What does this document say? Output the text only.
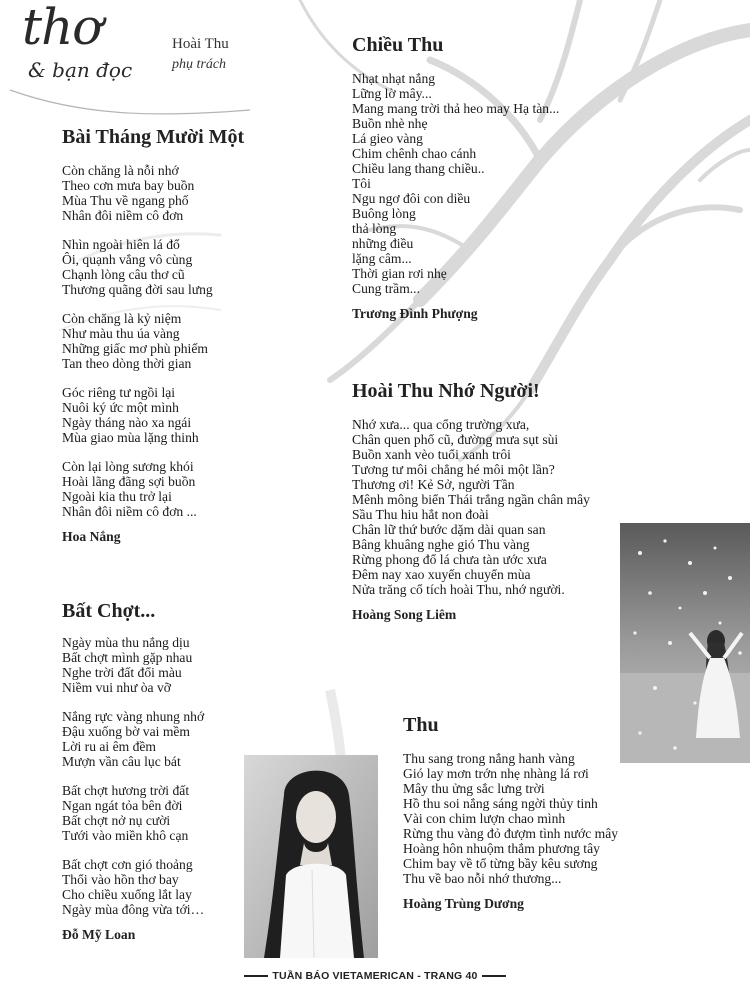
thơ
& bạn đọc
Hoài Thu
phụ trách
Bài Tháng Mười Một
Còn chăng là nỗi nhớ
Theo cơn mưa bay buồn
Mùa Thu về ngang phố
Nhân đôi niềm cô đơn
Nhìn ngoài hiên lá đổ
Ôi, quạnh vắng vô cùng
Chạnh lòng câu thơ cũ
Thương quãng đời sau lưng
Còn chăng là kỷ niệm
Như màu thu úa vàng
Những giấc mơ phù phiếm
Tan theo dòng thời gian
Góc riêng tư ngồi lại
Nuôi ký ức một mình
Ngày tháng nào xa ngái
Mùa giao mùa lặng thinh
Còn lại lòng sương khói
Hoài lãng đãng sợi buồn
Ngoài kia thu trở lại
Nhân đôi niềm cô đơn ...
Hoa Nắng
Bất Chợt...
Ngày mùa thu nắng dịu
Bất chợt mình gặp nhau
Nghe trời đất đổi màu
Niềm vui như òa vỡ
Nắng rực vàng nhung nhớ
Đậu xuống bờ vai mềm
Lời ru ai êm đềm
Mượn vần câu lục bát
Bất chợt hương trời đất
Ngan ngát tỏa bên đời
Bất chợt nở nụ cười
Tưới vào miền khô cạn
Bất chợt cơn gió thoảng
Thổi vào hồn thơ bay
Cho chiều xuống lắt lay
Ngày mùa đông vừa tới…
Đỗ Mỹ Loan
Chiều Thu
Nhạt nhạt nắng
Lững lờ mây...
Mang mang trời thả heo may Hạ tàn...
Buồn nhè nhẹ
Lá gieo vàng
Chim chênh chao cánh
Chiều lang thang chiều..
Tôi
Ngu ngơ đôi con diều
Buông lòng
thả lòng
những điều
lặng câm...
Thời gian rơi nhẹ
Cung trầm...
Trương Đình Phượng
Hoài Thu Nhớ Người!
Nhớ xưa... qua cổng trường xưa,
Chân quen phố cũ, đường mưa sụt sùi
Buồn xanh vèo tuổi xanh trôi
Tương tư môi chẳng hé môi một lần?
Thương ơi! Kẻ Sở, người Tần
Mênh mông biển Thái trắng ngần chân mây
Sầu Thu hiu hắt non đoài
Chân lữ thứ bước dặm dài quan san
Bâng khuâng nghe gió Thu vàng
Rừng phong đổ lá chưa tàn ước xưa
Đêm nay xao xuyến chuyển mùa
Nửa trăng cổ tích hoài Thu, nhớ người.
Hoàng Song Liêm
Thu
Thu sang trong nắng hanh vàng
Gió lay mơn trớn nhẹ nhàng lá rơi
Mây thu ửng sắc lưng trời
Hồ thu soi nắng sáng ngời thủy tinh
Vài con chim lượn chao mình
Rừng thu vàng đỏ đượm tình nước mây
Hoàng hôn nhuộm thắm phương tây
Chim bay về tổ từng bầy kêu sương
Thu về bao nỗi nhớ thương...
Hoàng Trùng Dương
TUẦN BÁO VIETAMERICAN - TRANG 40
